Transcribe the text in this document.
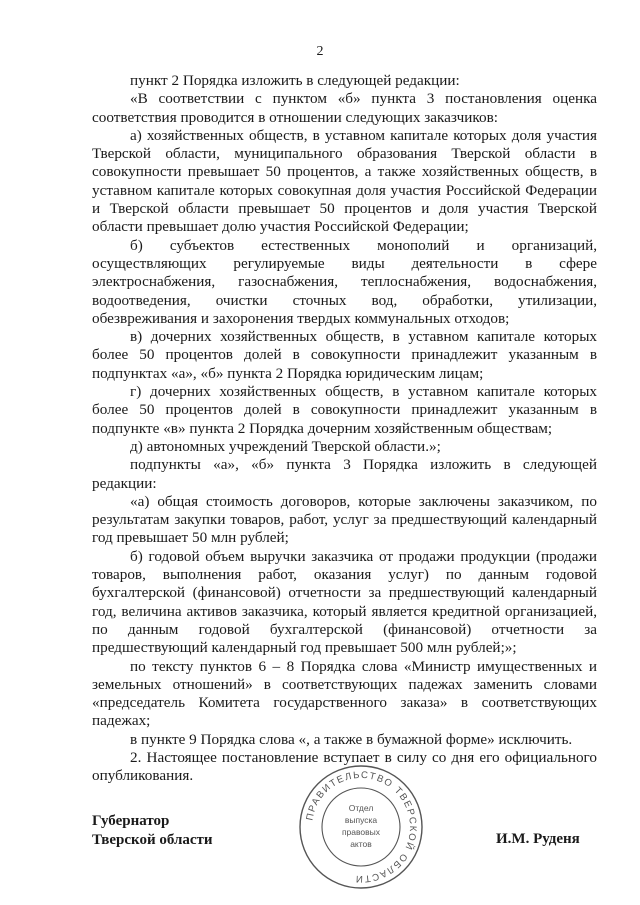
2

пункт 2 Порядка изложить в следующей редакции:

«В соответствии с пунктом «б» пункта 3 постановления оценка соответствия проводится в отношении следующих заказчиков:

а) хозяйственных обществ, в уставном капитале которых доля участия Тверской области, муниципального образования Тверской области в совокупности превышает 50 процентов, а также хозяйственных обществ, в уставном капитале которых совокупная доля участия Российской Федерации и Тверской области превышает 50 процентов и доля участия Тверской области превышает долю участия Российской Федерации;

б) субъектов естественных монополий и организаций, осуществляющих регулируемые виды деятельности в сфере электроснабжения, газоснабжения, теплоснабжения, водоснабжения, водоотведения, очистки сточных вод, обработки, утилизации, обезвреживания и захоронения твердых коммунальных отходов;

в) дочерних хозяйственных обществ, в уставном капитале которых более 50 процентов долей в совокупности принадлежит указанным в подпунктах «а», «б» пункта 2 Порядка юридическим лицам;

г) дочерних хозяйственных обществ, в уставном капитале которых более 50 процентов долей в совокупности принадлежит указанным в подпункте «в» пункта 2 Порядка дочерним хозяйственным обществам;

д) автономных учреждений Тверской области.»;

подпункты «а», «б» пункта 3 Порядка изложить в следующей редакции:

«а) общая стоимость договоров, которые заключены заказчиком, по результатам закупки товаров, работ, услуг за предшествующий календарный год превышает 50 млн рублей;

б) годовой объем выручки заказчика от продажи продукции (продажи товаров, выполнения работ, оказания услуг) по данным годовой бухгалтерской (финансовой) отчетности за предшествующий календарный год, величина активов заказчика, который является кредитной организацией, по данным годовой бухгалтерской (финансовой) отчетности за предшествующий календарный год превышает 500 млн рублей;»;

по тексту пунктов 6 – 8 Порядка слова «Министр имущественных и земельных отношений» в соответствующих падежах заменить словами «председатель Комитета государственного заказа» в соответствующих падежах;

в пункте 9 Порядка слова «, а также в бумажной форме» исключить.

2. Настоящее постановление вступает в силу со дня его официального опубликования.

Губернатор
Тверской области	И.М. Руденя
ПРАВИТЕЛЬСТВО ТВЕРСКОЙ ОБЛАСТИ
Отдел
выпуска
правовых
актов
